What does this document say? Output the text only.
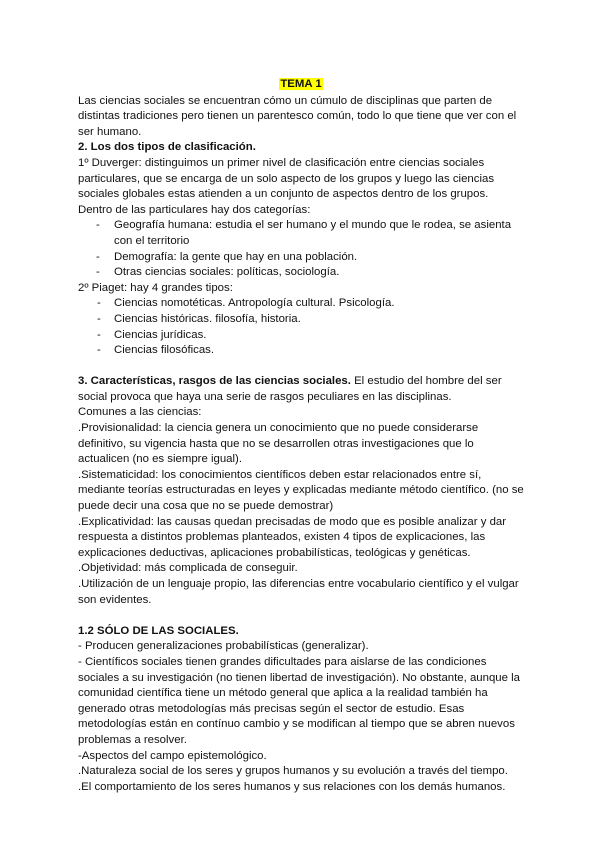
TEMA 1

Las ciencias sociales se encuentran cómo un cúmulo de disciplinas que parten de distintas tradiciones pero tienen un parentesco común, todo lo que tiene que ver con el ser humano.

2. Los dos tipos de clasificación.

1º Duverger: distinguimos un primer nivel de clasificación entre ciencias sociales particulares, que se encarga de un solo aspecto de los grupos y luego las ciencias sociales globales estas atienden a un conjunto de aspectos dentro de los grupos. Dentro de las particulares hay dos categorías:

- Geografía humana: estudia el ser humano y el mundo que le rodea, se asienta con el territorio
- Demografía: la gente que hay en una población.
- Otras ciencias sociales: políticas, sociología.

2º Piaget: hay 4 grandes tipos:

- Ciencias nomotéticas. Antropología cultural. Psicología.
- Ciencias históricas. filosofía, historia.
- Ciencias jurídicas.
- Ciencias filosóficas.

3. Características, rasgos de las ciencias sociales. El estudio del hombre del ser social provoca que haya una serie de rasgos peculiares en las disciplinas.

Comunes a las ciencias:

.Provisionalidad: la ciencia genera un conocimiento que no puede considerarse definitivo, su vigencia hasta que no se desarrollen otras investigaciones que lo actualicen (no es siempre igual).

.Sistematicidad: los conocimientos científicos deben estar relacionados entre sí, mediante teorías estructuradas en leyes y explicadas mediante método científico. (no se puede decir una cosa que no se puede demostrar)

.Explicatividad: las causas quedan precisadas de modo que es posible analizar y dar respuesta a distintos problemas planteados, existen 4 tipos de explicaciones, las explicaciones deductivas, aplicaciones probabilísticas, teológicas y genéticas.

.Objetividad: más complicada de conseguir.

.Utilización de un lenguaje propio, las diferencias entre vocabulario científico y el vulgar son evidentes.

1.2 SÓLO DE LAS SOCIALES.

- Producen generalizaciones probabilísticas (generalizar).

- Científicos sociales tienen grandes dificultades para aislarse de las condiciones sociales a su investigación (no tienen libertad de investigación). No obstante, aunque la comunidad científica tiene un método general que aplica a la realidad también ha generado otras metodologías más precisas según el sector de estudio. Esas metodologías están en contínuo cambio y se modifican al tiempo que se abren nuevos problemas a resolver.

-Aspectos del campo epistemológico.

.Naturaleza social de los seres y grupos humanos y su evolución a través del tiempo.

.El comportamiento de los seres humanos y sus relaciones con los demás humanos.
